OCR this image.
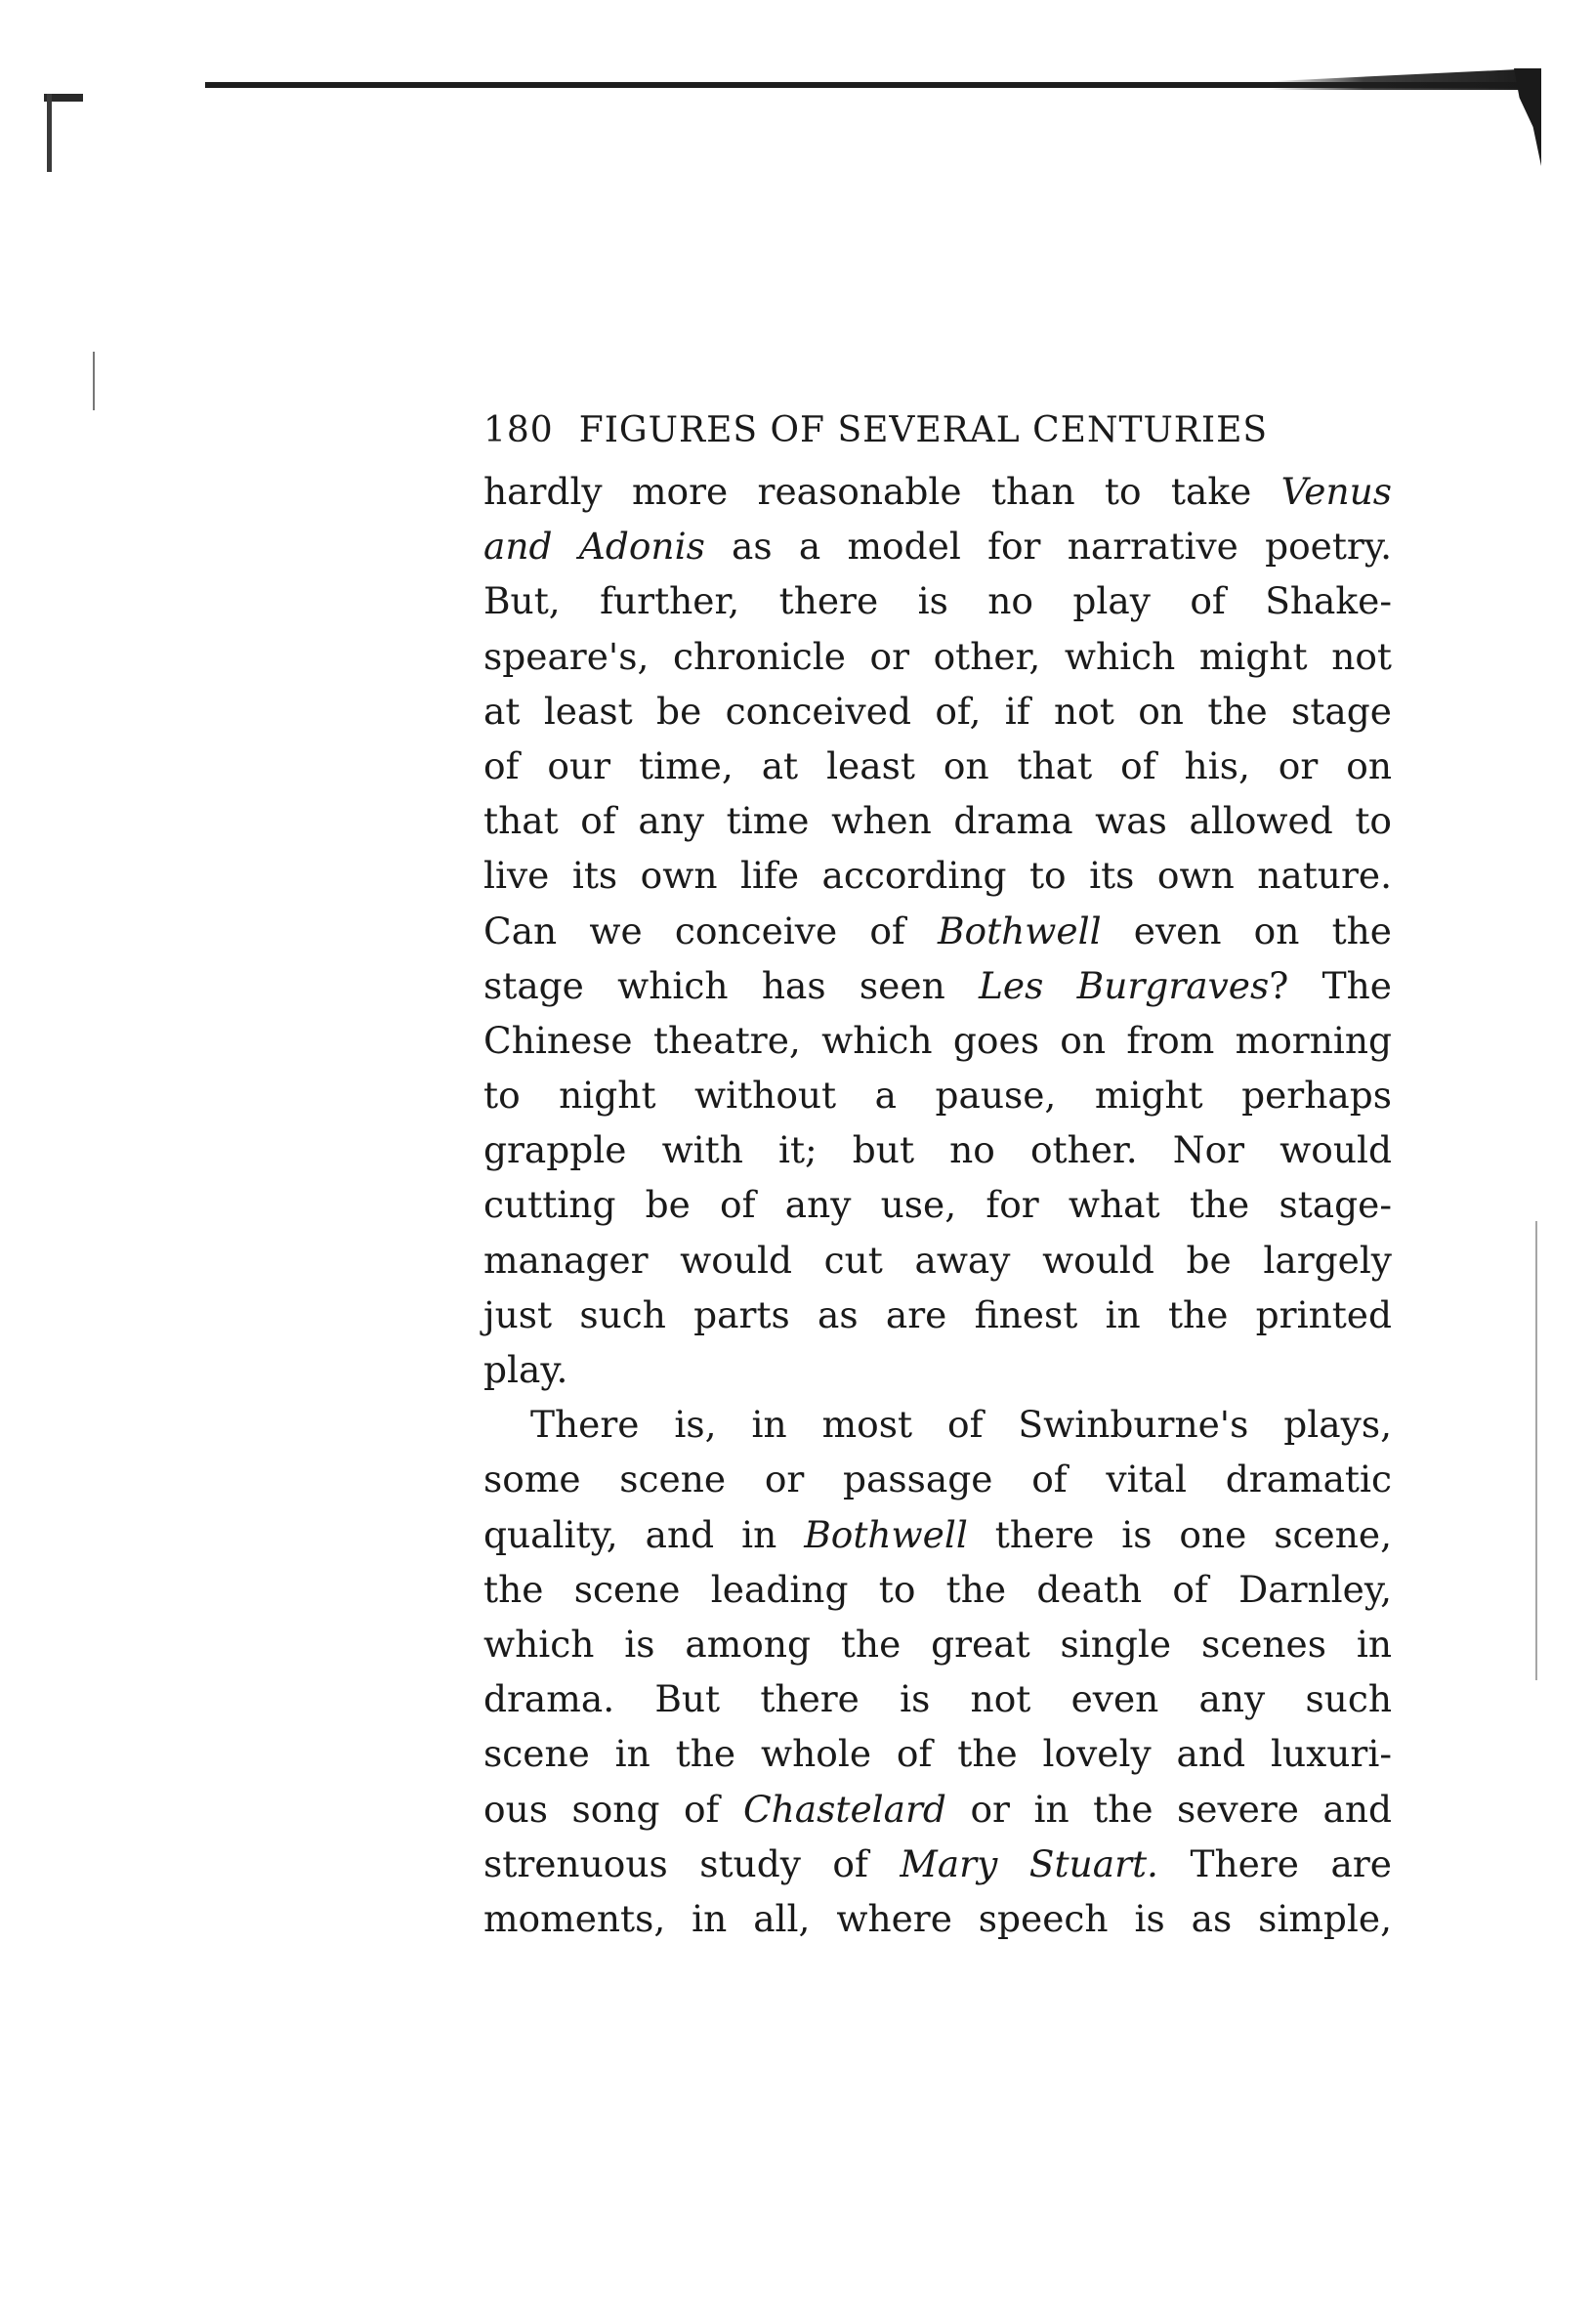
180 FIGURES OF SEVERAL CENTURIES
hardly more reasonable than to take Venus
and Adonis as a model for narrative poetry.
But, further, there is no play of Shake-
speare's, chronicle or other, which might not
at least be conceived of, if not on the stage
of our time, at least on that of his, or on
that of any time when drama was allowed to
live its own life according to its own nature.
Can we conceive of Bothwell even on the
stage which has seen Les Burgraves? The
Chinese theatre, which goes on from morning
to night without a pause, might perhaps
grapple with it; but no other. Nor would
cutting be of any use, for what the stage-
manager would cut away would be largely
just such parts as are finest in the printed
play.
There is, in most of Swinburne's plays,
some scene or passage of vital dramatic
quality, and in Bothwell there is one scene,
the scene leading to the death of Darnley,
which is among the great single scenes in
drama. But there is not even any such
scene in the whole of the lovely and luxuri-
ous song of Chastelard or in the severe and
strenuous study of Mary Stuart. There are
moments, in all, where speech is as simple,
